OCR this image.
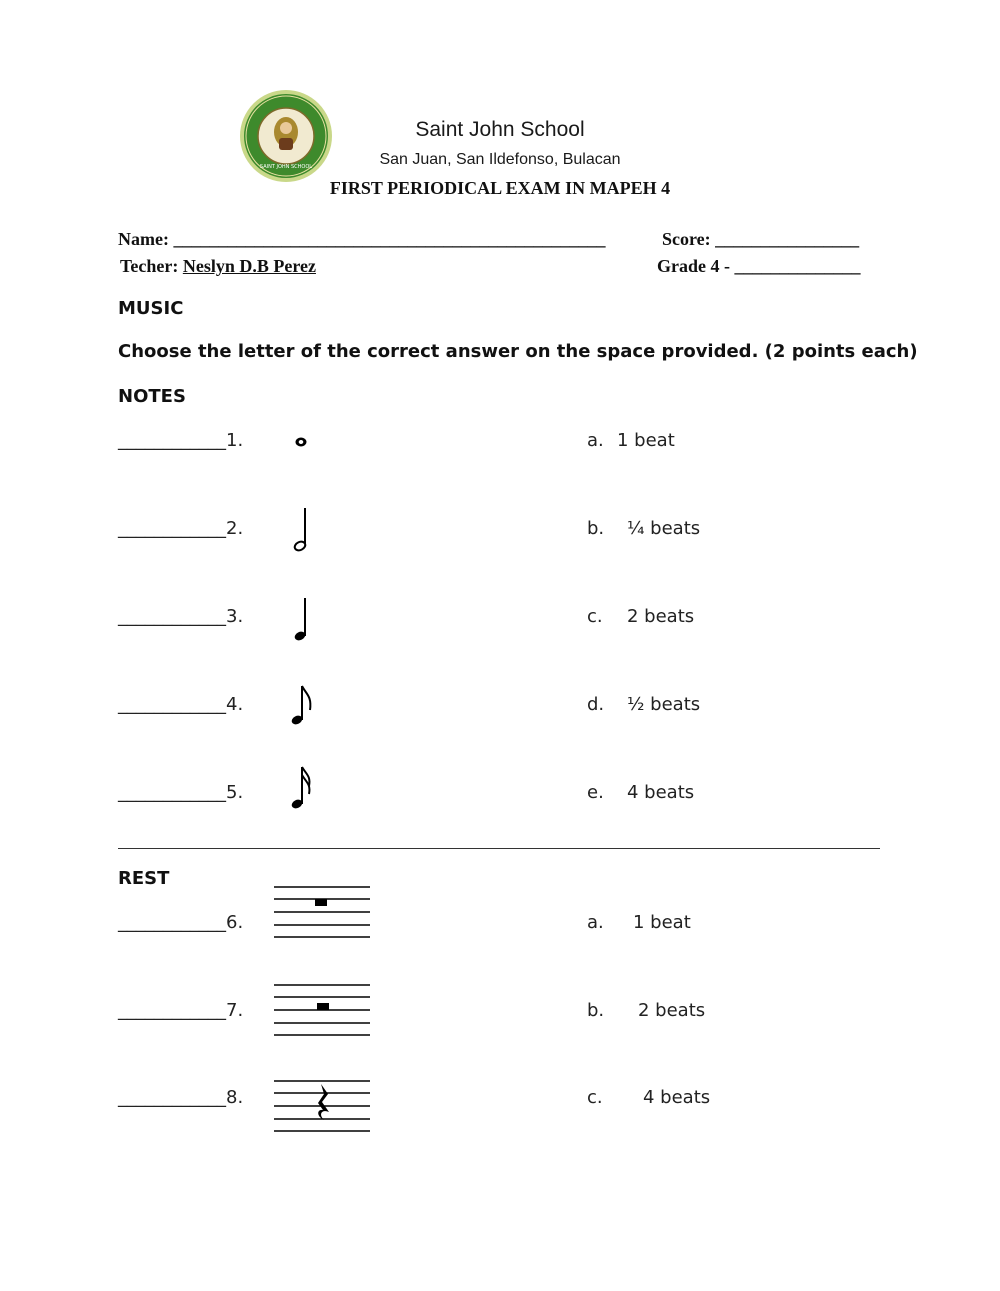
SAINT JOHN SCHOOL
Saint John School
San Juan, San Ildefonso, Bulacan
FIRST PERIODICAL EXAM IN MAPEH 4
Name: ________________________________________________	Score: ________________
Techer: Neslyn D.B Perez	Grade 4 - ______________
MUSIC
Choose the letter of the correct answer on the space provided. (2 points each)
NOTES
____________1.	a. 1 beat
____________2.	b. ¼ beats
____________3.	c. 2 beats
____________4.	d. ½ beats
____________5.	e. 4 beats
REST
____________6.	a. 1 beat
____________7.	b. 2 beats
____________8.	c. 4 beats
